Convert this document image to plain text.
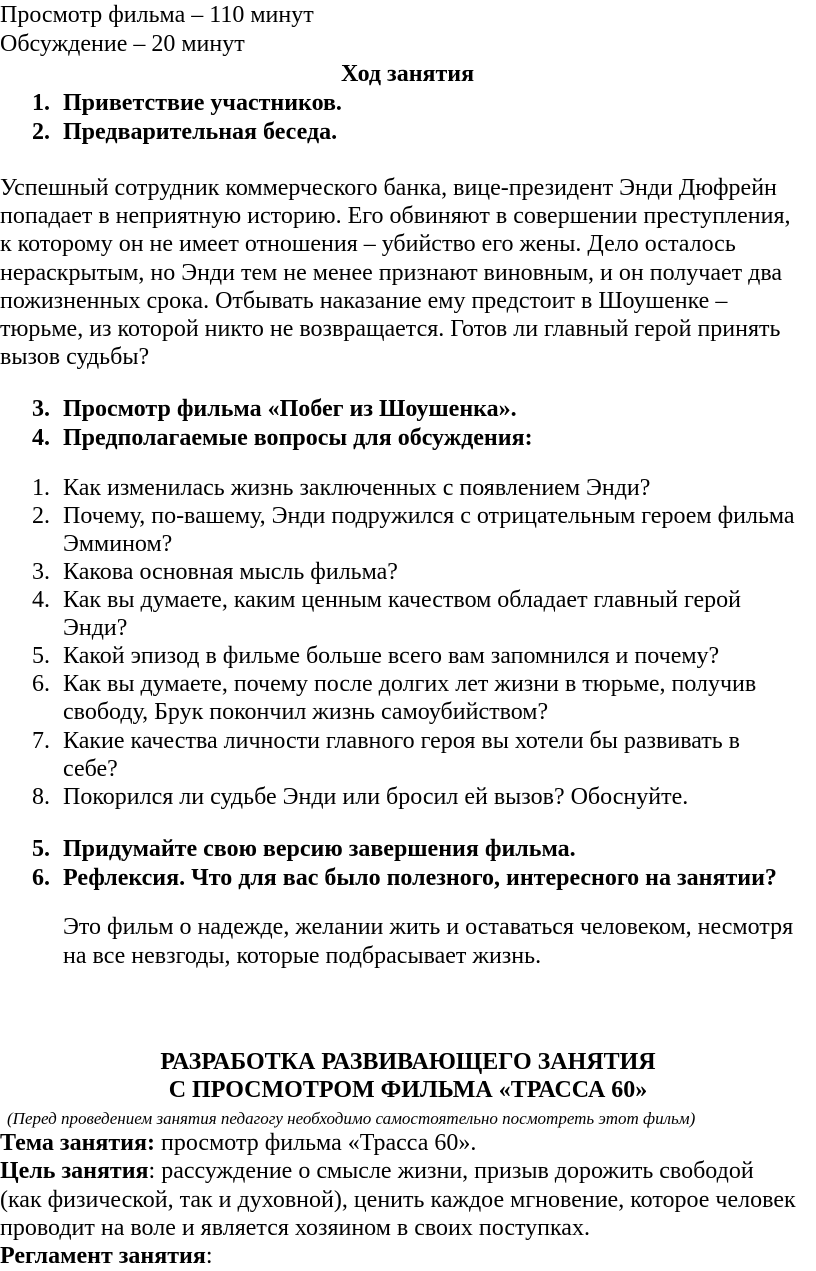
Просмотр фильма – 110 минут
Обсуждение – 20 минут
Ход занятия
1. Приветствие участников.
2. Предварительная беседа.
Успешный сотрудник коммерческого банка, вице-президент Энди Дюфрейн
попадает в неприятную историю. Его обвиняют в совершении преступления,
к которому он не имеет отношения – убийство его жены. Дело осталось
нераскрытым, но Энди тем не менее признают виновным, и он получает два
пожизненных срока. Отбывать наказание ему предстоит в Шоушенке –
тюрьме, из которой никто не возвращается. Готов ли главный герой принять
вызов судьбы?
3. Просмотр фильма «Побег из Шоушенка».
4. Предполагаемые вопросы для обсуждения:
1. Как изменилась жизнь заключенных с появлением Энди?
2. Почему, по-вашему, Энди подружился с отрицательным героем фильма
Эммином?
3. Какова основная мысль фильма?
4. Как вы думаете, каким ценным качеством обладает главный герой
Энди?
5. Какой эпизод в фильме больше всего вам запомнился и почему?
6. Как вы думаете, почему после долгих лет жизни в тюрьме, получив
свободу, Брук покончил жизнь самоубийством?
7. Какие качества личности главного героя вы хотели бы развивать в
себе?
8. Покорился ли судьбе Энди или бросил ей вызов? Обоснуйте.
5. Придумайте свою версию завершения фильма.
6. Рефлексия. Что для вас было полезного, интересного на занятии?
Это фильм о надежде, желании жить и оставаться человеком, несмотря
на все невзгоды, которые подбрасывает жизнь.
РАЗРАБОТКА РАЗВИВАЮЩЕГО ЗАНЯТИЯ
С ПРОСМОТРОМ ФИЛЬМА «ТРАССА 60»
(Перед проведением занятия педагогу необходимо самостоятельно посмотреть этот фильм)
Тема занятия: просмотр фильма «Трасса 60».
Цель занятия: рассуждение о смысле жизни, призыв дорожить свободой
(как физической, так и духовной), ценить каждое мгновение, которое человек
проводит на воле и является хозяином в своих поступках.
Регламент занятия:
